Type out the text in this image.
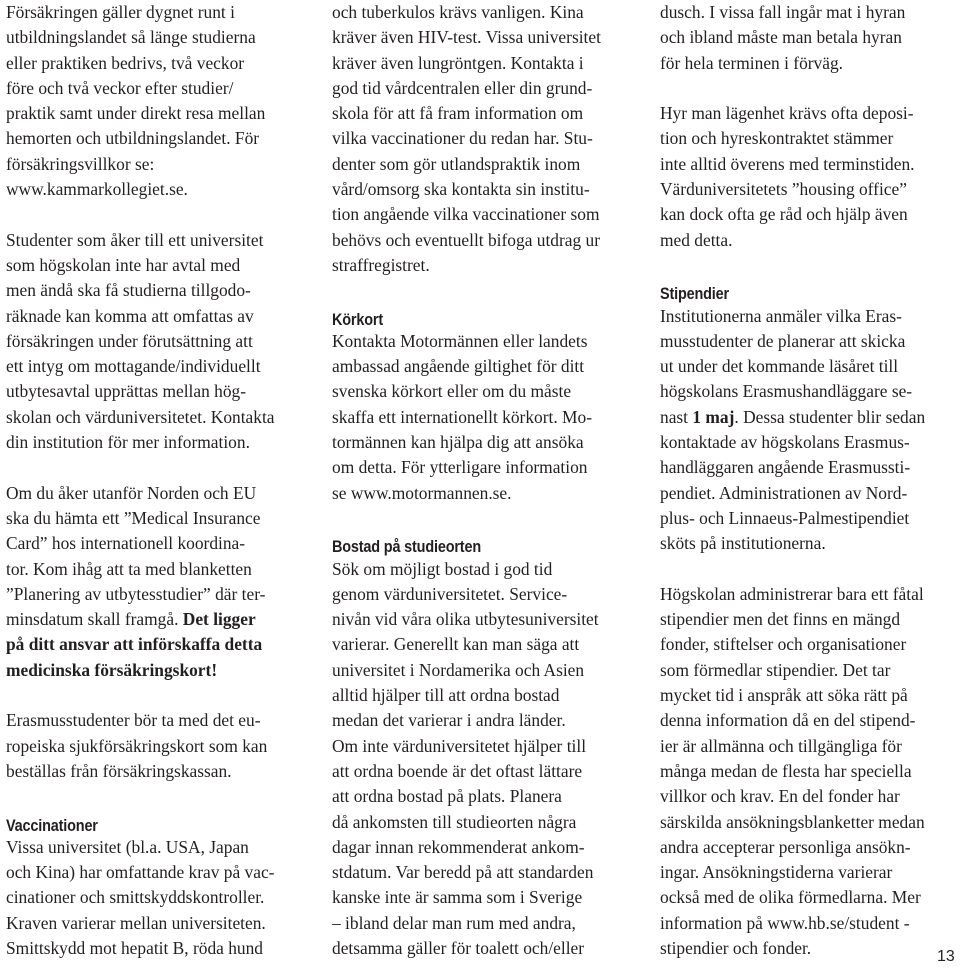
Försäkringen gäller dygnet runt i
utbildningslandet så länge studierna
eller praktiken bedrivs, två veckor
före och två veckor efter studier/
praktik samt under direkt resa mellan
hemorten och utbildningslandet. För
försäkringsvillkor se:
www.kammarkollegiet.se.
Studenter som åker till ett universitet
som högskolan inte har avtal med
men ändå ska få studierna tillgodo-
räknade kan komma att omfattas av
försäkringen under förutsättning att
ett intyg om mottagande/individuellt
utbytesavtal upprättas mellan hög-
skolan och värduniversitetet. Kontakta
din institution för mer information.
Om du åker utanför Norden och EU
ska du hämta ett ”Medical Insurance
Card” hos internationell koordina-
tor. Kom ihåg att ta med blanketten
”Planering av utbytesstudier” där ter-
minsdatum skall framgå. Det ligger
på ditt ansvar att införskaffa detta
medicinska försäkringskort!
Erasmusstudenter bör ta med det eu-
ropeiska sjukförsäkringskort som kan
beställas från försäkringskassan.
Vaccinationer
Vissa universitet (bl.a. USA, Japan
och Kina) har omfattande krav på vac-
cinationer och smittskyddskontroller.
Kraven varierar mellan universiteten.
Smittskydd mot hepatit B, röda hund
och tuberkulos krävs vanligen. Kina
kräver även HIV-test. Vissa universitet
kräver även lungröntgen. Kontakta i
god tid vårdcentralen eller din grund-
skola för att få fram information om
vilka vaccinationer du redan har. Stu-
denter som gör utlandspraktik inom
vård/omsorg ska kontakta sin institu-
tion angående vilka vaccinationer som
behövs och eventuellt bifoga utdrag ur
straffregistret.
Körkort
Kontakta Motormännen eller landets
ambassad angående giltighet för ditt
svenska körkort eller om du måste
skaffa ett internationellt körkort. Mo-
tormännen kan hjälpa dig att ansöka
om detta. För ytterligare information
se www.motormannen.se.
Bostad på studieorten
Sök om möjligt bostad i god tid
genom värduniversitetet. Service-
nivån vid våra olika utbytesuniversitet
varierar. Generellt kan man säga att
universitet i Nordamerika och Asien
alltid hjälper till att ordna bostad
medan det varierar i andra länder.
Om inte värduniversitetet hjälper till
att ordna boende är det oftast lättare
att ordna bostad på plats. Planera
då ankomsten till studieorten några
dagar innan rekommenderat ankom-
stdatum. Var beredd på att standarden
kanske inte är samma som i Sverige
– ibland delar man rum med andra,
detsamma gäller för toalett och/eller
dusch. I vissa fall ingår mat i hyran
och ibland måste man betala hyran
för hela terminen i förväg.
Hyr man lägenhet krävs ofta deposi-
tion och hyreskontraktet stämmer
inte alltid överens med terminstiden.
Värduniversitetets ”housing office”
kan dock ofta ge råd och hjälp även
med detta.
Stipendier
Institutionerna anmäler vilka Eras-
musstudenter de planerar att skicka
ut under det kommande läsåret till
högskolans Erasmushandläggare se-
nast 1 maj. Dessa studenter blir sedan
kontaktade av högskolans Erasmus-
handläggaren angående Erasmussti-
pendiet. Administrationen av Nord-
plus- och Linnaeus-Palmestipendiet
sköts på institutionerna.
Högskolan administrerar bara ett fåtal
stipendier men det finns en mängd
fonder, stiftelser och organisationer
som förmedlar stipendier. Det tar
mycket tid i anspråk att söka rätt på
denna information då en del stipend-
ier är allmänna och tillgängliga för
många medan de flesta har speciella
villkor och krav. En del fonder har
särskilda ansökningsblanketter medan
andra accepterar personliga ansökn-
ingar. Ansökningstiderna varierar
också med de olika förmedlarna. Mer
information på www.hb.se/student -
stipendier och fonder.	13
